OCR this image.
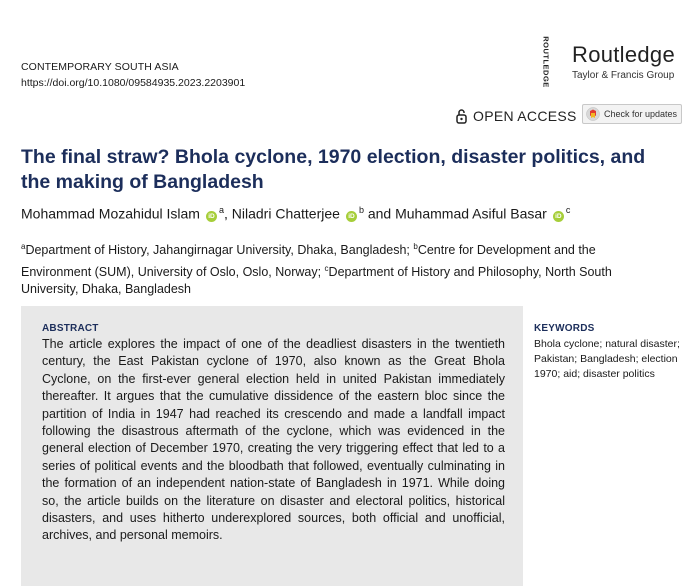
CONTEMPORARY SOUTH ASIA
https://doi.org/10.1080/09584935.2023.2203901	ROUTLEDGE Routledge
Taylor & Francis Group
OPEN ACCESS	Check for updates
The final straw? Bhola cyclone, 1970 election, disaster politics, and the making of Bangladesh
Mohammad Mozahidul Islam $iD^a$, Niladri Chatterjee $iD^b$ and Muhammad Asiful Basar $iD^c$
$^a$Department of History, Jahangirnagar University, Dhaka, Bangladesh; $^b$Centre for Development and the Environment (SUM), University of Oslo, Oslo, Norway; $^c$Department of History and Philosophy, North South University, Dhaka, Bangladesh
ABSTRACT

The article explores the impact of one of the deadliest disasters in the twentieth century, the East Pakistan cyclone of 1970, also known as the Great Bhola Cyclone, on the first-ever general election held in united Pakistan immediately thereafter. It argues that the cumulative dissidence of the eastern bloc since the partition of India in 1947 had reached its crescendo and made a landfall impact following the disastrous aftermath of the cyclone, which was evidenced in the general election of December 1970, creating the very triggering effect that led to a series of political events and the bloodbath that followed, eventually culminating in the formation of an independent nation-state of Bangladesh in 1971. While doing so, the article builds on the literature on disaster and electoral politics, historical disasters, and uses hitherto underexplored sources, both official and unofficial, archives, and personal memoirs.

KEYWORDS
Bhola cyclone; natural disaster; Pakistan; Bangladesh; election 1970; aid; disaster politics
